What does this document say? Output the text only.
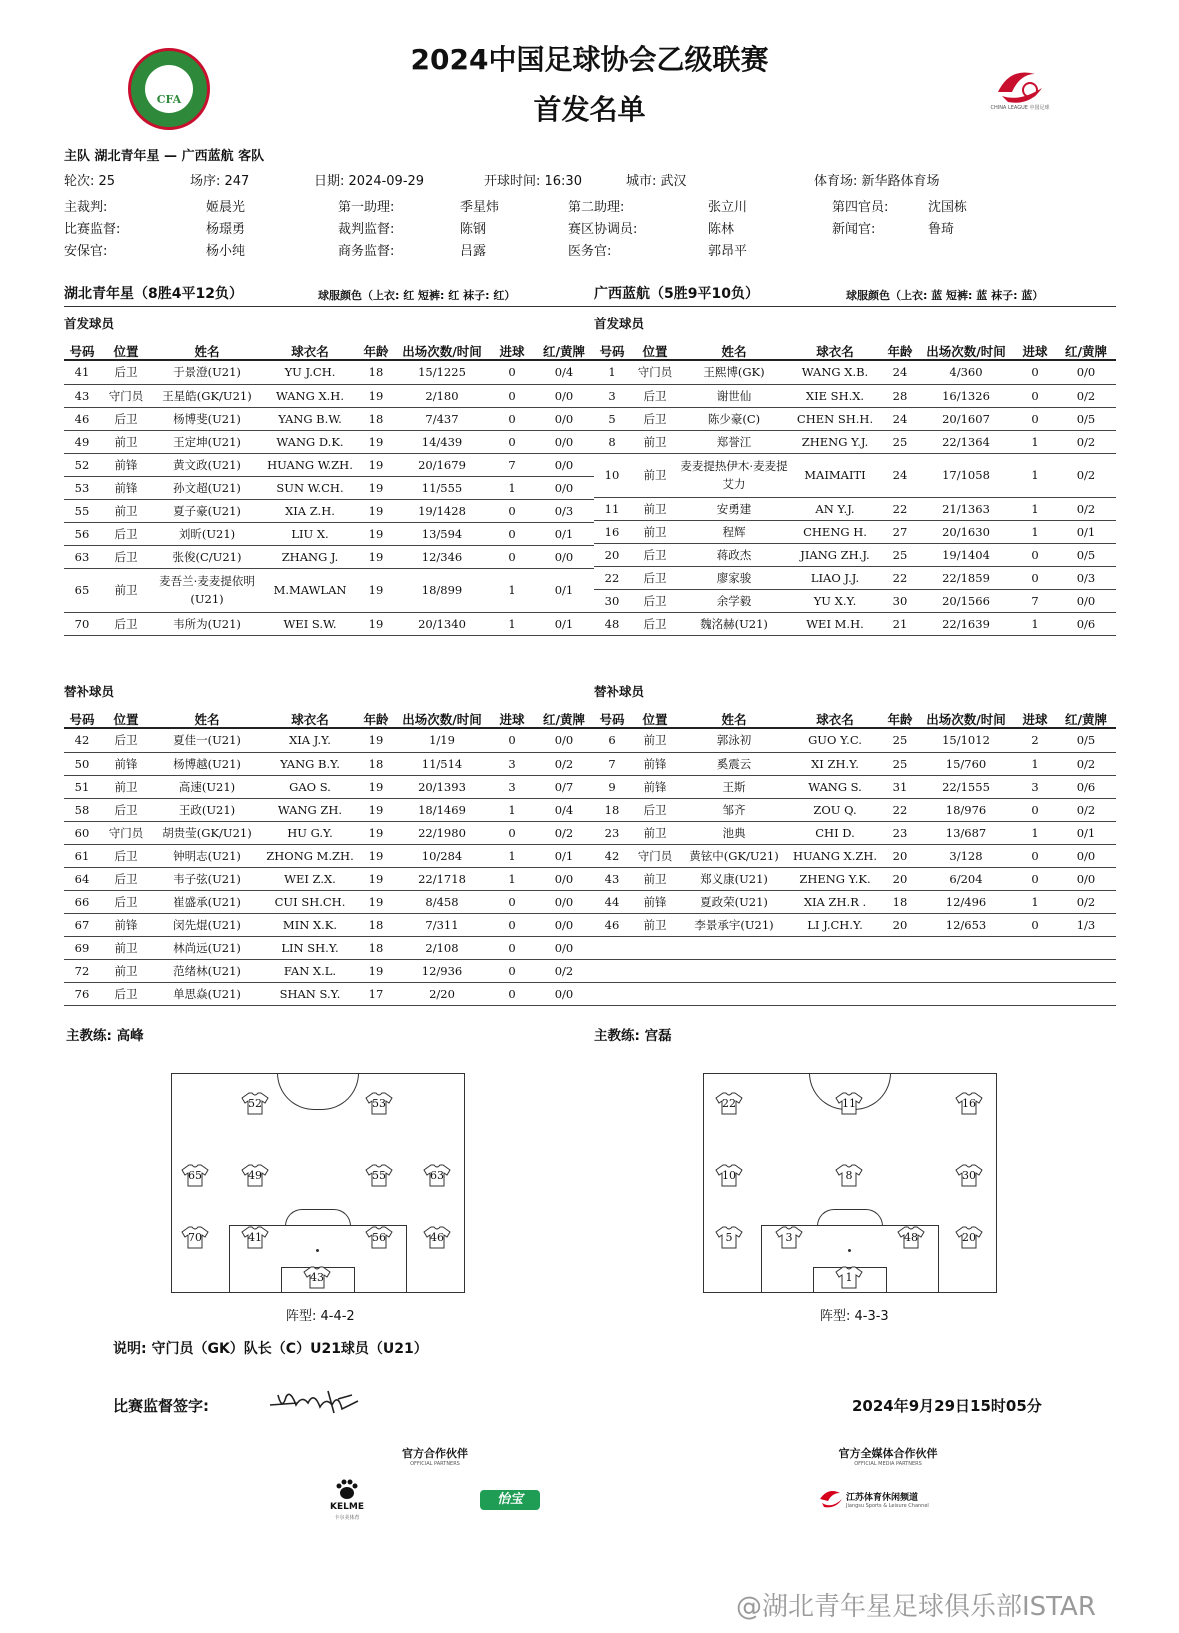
CFA
2024中国足球协会乙级联赛
首发名单	CHINA LEAGUE 中国足球
主队 湖北青年星 — 广西蓝航 客队
轮次: 25	场序: 247	日期: 2024-09-29	开球时间: 16:30	城市: 武汉	体育场: 新华路体育场
主裁判:	姬晨光	第一助理:	季星炜	第二助理:	张立川	第四官员:	沈国栋
比赛监督:	杨璟勇	裁判监督:	陈钢	赛区协调员:	陈林	新闻官:	鲁琦
安保官:	杨小纯	商务监督:	吕露	医务官:	郭昂平
湖北青年星（8胜4平12负）	球服颜色（上衣: 红 短裤: 红 袜子: 红）	广西蓝航（5胜9平10负）	球服颜色（上衣: 蓝 短裤: 蓝 袜子: 蓝）
首发球员	首发球员
号码	位置	姓名	球衣名	年龄	出场次数/时间	进球	红/黄牌	号码	位置	姓名	球衣名	年龄	出场次数/时间	进球	红/黄牌
41	后卫	于景澄(U21)	YU J.CH.	18	15/1225	0	0/4
43	守门员	王星皓(GK/U21)	WANG X.H.	19	2/180	0	0/0
46	后卫	杨博斐(U21)	YANG B.W.	18	7/437	0	0/0
49	前卫	王定坤(U21)	WANG D.K.	19	14/439	0	0/0
52	前锋	黄文政(U21)	HUANG W.ZH.	19	20/1679	7	0/0
53	前锋	孙文超(U21)	SUN W.CH.	19	11/555	1	0/0
55	前卫	夏子豪(U21)	XIA Z.H.	19	19/1428	0	0/3
56	后卫	刘昕(U21)	LIU X.	19	13/594	0	0/1
63	后卫	张俊(C/U21)	ZHANG J.	19	12/346	0	0/0
65	前卫	麦吾兰·麦麦提依明(U21)	M.MAWLAN	19	18/899	1	0/1
70	后卫	韦所为(U21)	WEI S.W.	19	20/1340	1	0/1
1	守门员	王熙博(GK)	WANG X.B.	24	4/360	0	0/0
3	后卫	谢世仙	XIE SH.X.	28	16/1326	0	0/2
5	后卫	陈少豪(C)	CHEN SH.H.	24	20/1607	0	0/5
8	前卫	郑誉江	ZHENG Y.J.	25	22/1364	1	0/2
10	前卫	麦麦提热伊木·麦麦提艾力	MAIMAITI	24	17/1058	1	0/2
11	前卫	安勇建	AN Y.J.	22	21/1363	1	0/2
16	前卫	程辉	CHENG H.	27	20/1630	1	0/1
20	后卫	蒋政杰	JIANG ZH.J.	25	19/1404	0	0/5
22	后卫	廖家骏	LIAO J.J.	22	22/1859	0	0/3
30	后卫	余学毅	YU X.Y.	30	20/1566	7	0/0
48	后卫	魏洺赫(U21)	WEI M.H.	21	22/1639	1	0/6
替补球员	替补球员
号码	位置	姓名	球衣名	年龄	出场次数/时间	进球	红/黄牌	号码	位置	姓名	球衣名	年龄	出场次数/时间	进球	红/黄牌
42	后卫	夏佳一(U21)	XIA J.Y.	19	1/19	0	0/0
50	前锋	杨博越(U21)	YANG B.Y.	18	11/514	3	0/2
51	前卫	高速(U21)	GAO S.	19	20/1393	3	0/7
58	后卫	王政(U21)	WANG ZH.	19	18/1469	1	0/4
60	守门员	胡贵莹(GK/U21)	HU G.Y.	19	22/1980	0	0/2
61	后卫	钟明志(U21)	ZHONG M.ZH.	19	10/284	1	0/1
64	后卫	韦子弦(U21)	WEI Z.X.	19	22/1718	1	0/0
66	后卫	崔盛承(U21)	CUI SH.CH.	19	8/458	0	0/0
67	前锋	闵先焜(U21)	MIN X.K.	18	7/311	0	0/0
69	前卫	林尚远(U21)	LIN SH.Y.	18	2/108	0	0/0
72	前卫	范绪林(U21)	FAN X.L.	19	12/936	0	0/2
76	后卫	单思焱(U21)	SHAN S.Y.	17	2/20	0	0/0
6	前卫	郭泳初	GUO Y.C.	25	15/1012	2	0/5
7	前锋	奚震云	XI ZH.Y.	25	15/760	1	0/2
9	前锋	王斯	WANG S.	31	22/1555	3	0/6
18	后卫	邹齐	ZOU Q.	22	18/976	0	0/2
23	前卫	池典	CHI D.	23	13/687	1	0/1
42	守门员	黄铉中(GK/U21)	HUANG X.ZH.	20	3/128	0	0/0
43	前卫	郑义康(U21)	ZHENG Y.K.	20	6/204	0	0/0
44	前锋	夏政荣(U21)	XIA ZH.R .	18	12/496	1	0/2
46	前卫	李景承宇(U21)	LI J.CH.Y.	20	12/653	0	1/3

主教练: 高峰	主教练: 宫磊
52	53
65	49	55	63
70	41	56	46
43
22	11	16
10	8	30
5	3	48	20
1
阵型: 4-4-2	阵型: 4-3-3
说明: 守门员（GK）队长（C）U21球员（U21）
比赛监督签字:	2024年9月29日15时05分
官方合作伙伴
OFFICIAL PARTNERS
官方全媒体合作伙伴
OFFICIAL MEDIA PARTNERS
KELME
卡尔美体育
怡宝	江苏体育休闲频道
Jiangsu Sports & Leisure Channel
@湖北青年星足球俱乐部ISTAR
